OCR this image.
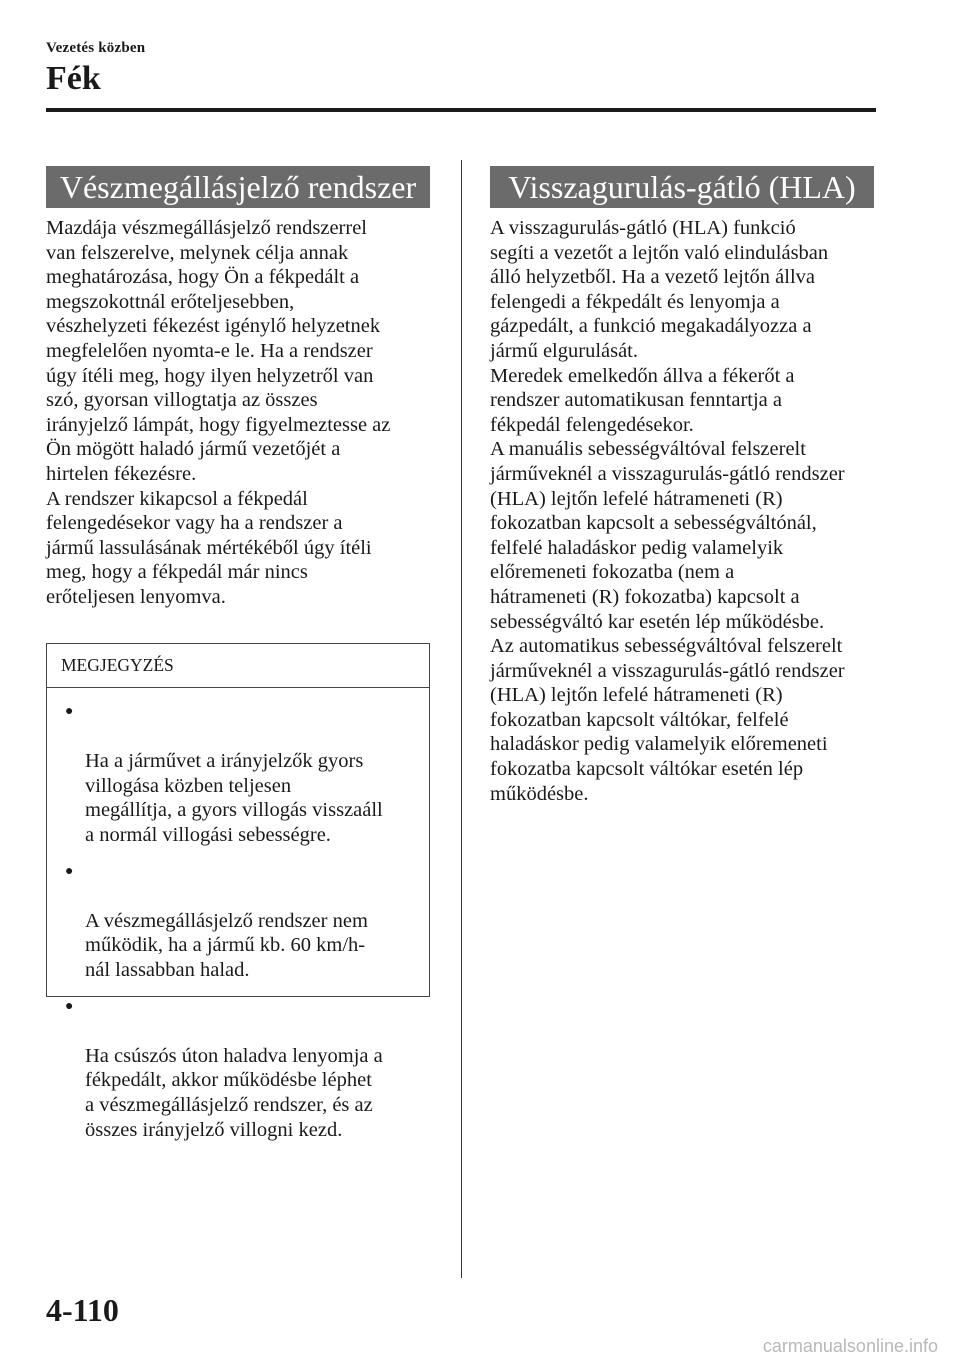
Vezetés közben
Fék
Vészmegállásjelző rendszer
Mazdája vészmegállásjelző rendszerrel
van felszerelve, melynek célja annak
meghatározása, hogy Ön a fékpedált a
megszokottnál erőteljesebben,
vészhelyzeti fékezést igénylő helyzetnek
megfelelően nyomta-e le. Ha a rendszer
úgy ítéli meg, hogy ilyen helyzetről van
szó, gyorsan villogtatja az összes
irányjelző lámpát, hogy figyelmeztesse az
Ön mögött haladó jármű vezetőjét a
hirtelen fékezésre.
A rendszer kikapcsol a fékpedál
felengedésekor vagy ha a rendszer a
jármű lassulásának mértékéből úgy ítéli
meg, hogy a fékpedál már nincs
erőteljesen lenyomva.
MEGJEGYZÉS

●

Ha a járművet a irányjelzők gyors
villogása közben teljesen
megállítja, a gyors villogás visszaáll
a normál villogási sebességre.

●

A vészmegállásjelző rendszer nem
működik, ha a jármű kb. 60 km/h-
nál lassabban halad.

●

Ha csúszós úton haladva lenyomja a
fékpedált, akkor működésbe léphet
a vészmegállásjelző rendszer, és az
összes irányjelző villogni kezd.

Visszagurulás-gátló (HLA)
A visszagurulás-gátló (HLA) funkció
segíti a vezetőt a lejtőn való elindulásban
álló helyzetből. Ha a vezető lejtőn állva
felengedi a fékpedált és lenyomja a
gázpedált, a funkció megakadályozza a
jármű elgurulását.
Meredek emelkedőn állva a fékerőt a
rendszer automatikusan fenntartja a
fékpedál felengedésekor.
A manuális sebességváltóval felszerelt
járműveknél a visszagurulás-gátló rendszer
(HLA) lejtőn lefelé hátrameneti (R)
fokozatban kapcsolt a sebességváltónál,
felfelé haladáskor pedig valamelyik
előremeneti fokozatba (nem a
hátrameneti (R) fokozatba) kapcsolt a
sebességváltó kar esetén lép működésbe.
Az automatikus sebességváltóval felszerelt
járműveknél a visszagurulás-gátló rendszer
(HLA) lejtőn lefelé hátrameneti (R)
fokozatban kapcsolt váltókar, felfelé
haladáskor pedig valamelyik előremeneti
fokozatba kapcsolt váltókar esetén lép
működésbe.
4-110
carmanualsonline.info
